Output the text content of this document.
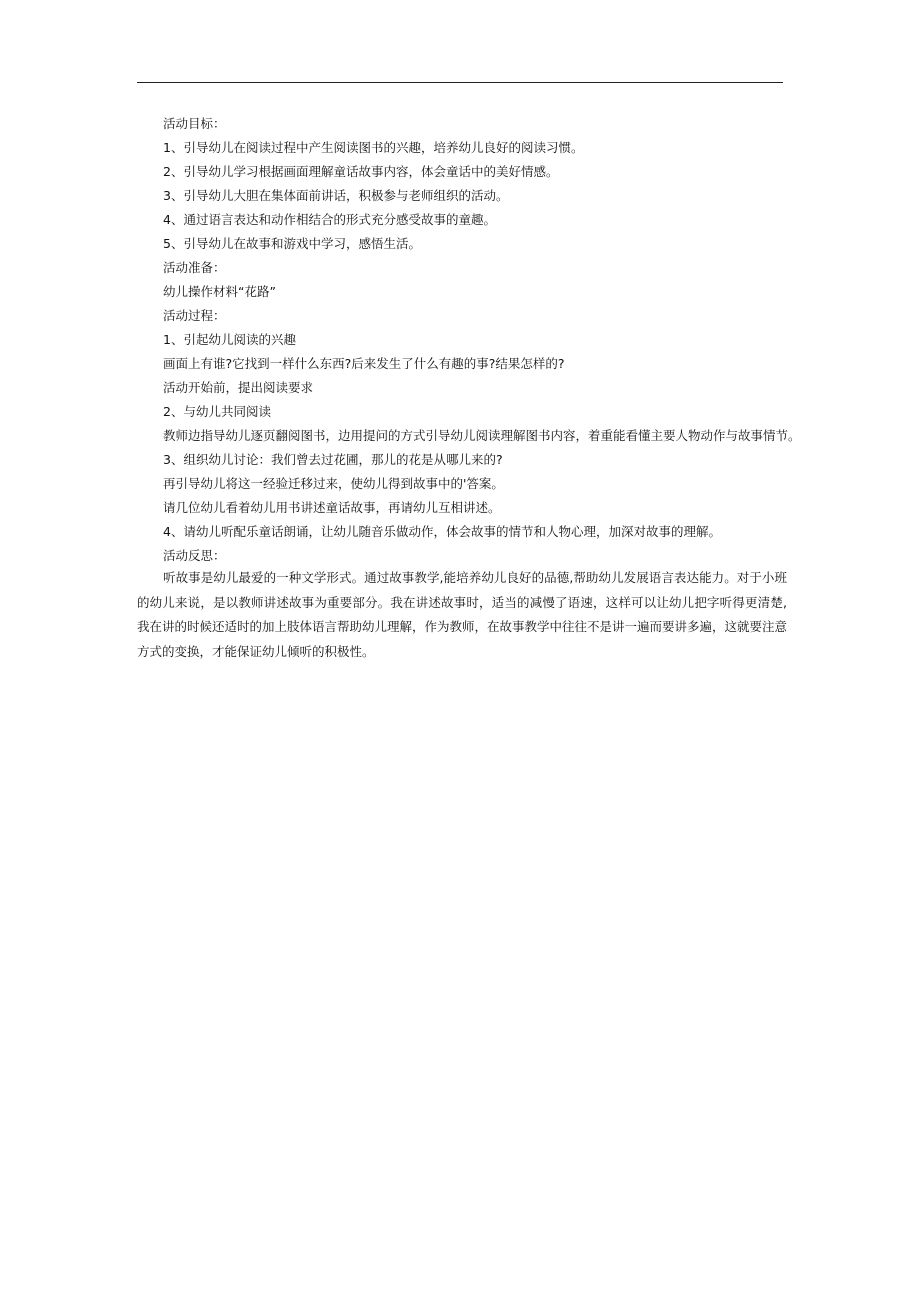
活动目标：
1、引导幼儿在阅读过程中产生阅读图书的兴趣，培养幼儿良好的阅读习惯。
2、引导幼儿学习根据画面理解童话故事内容，体会童话中的美好情感。
3、引导幼儿大胆在集体面前讲话，积极参与老师组织的活动。
4、通过语言表达和动作相结合的形式充分感受故事的童趣。
5、引导幼儿在故事和游戏中学习，感悟生活。
活动准备：
幼儿操作材料“花路”
活动过程：
1、引起幼儿阅读的兴趣
画面上有谁?它找到一样什么东西?后来发生了什么有趣的事?结果怎样的?
活动开始前，提出阅读要求
2、与幼儿共同阅读
教师边指导幼儿逐页翻阅图书，边用提问的方式引导幼儿阅读理解图书内容，着重能看懂主要人物动作与故事情节。
3、组织幼儿讨论：我们曾去过花圃，那儿的花是从哪儿来的?
再引导幼儿将这一经验迁移过来，使幼儿得到故事中的'答案。
请几位幼儿看着幼儿用书讲述童话故事，再请幼儿互相讲述。
4、请幼儿听配乐童话朗诵，让幼儿随音乐做动作，体会故事的情节和人物心理，加深对故事的理解。
活动反思：
听故事是幼儿最爱的一种文学形式。通过故事教学,能培养幼儿良好的品德,帮助幼儿发展语言表达能力。对于小班
的幼儿来说，是以教师讲述故事为重要部分。我在讲述故事时，适当的减慢了语速，这样可以让幼儿把字听得更清楚,
我在讲的时候还适时的加上肢体语言帮助幼儿理解，作为教师，在故事教学中往往不是讲一遍而要讲多遍，这就要注意
方式的变换，才能保证幼儿倾听的积极性。
